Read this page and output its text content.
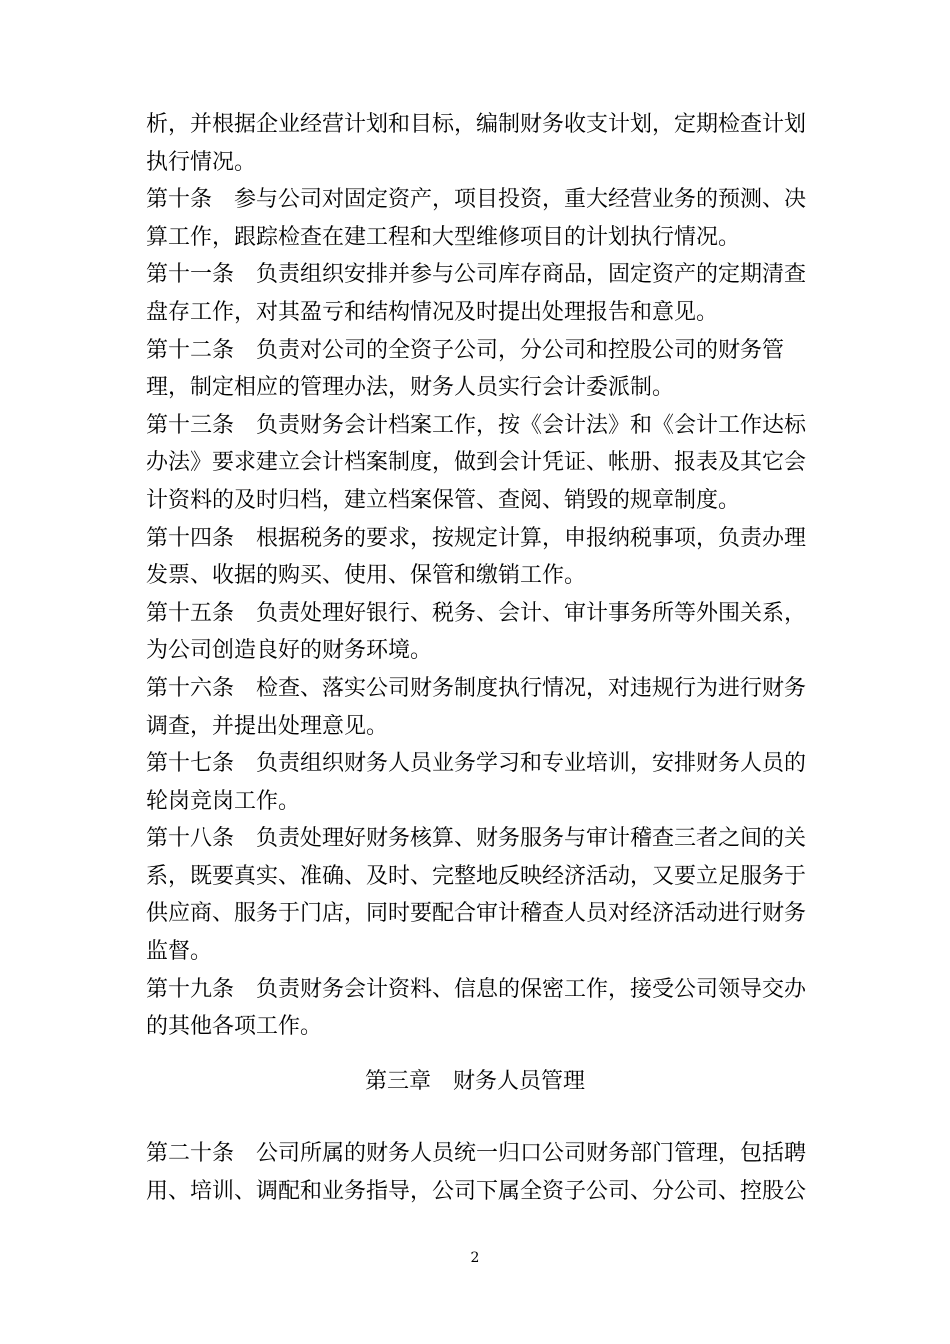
析，并根据企业经营计划和目标，编制财务收支计划，定期检查计划
执行情况。
第十条　参与公司对固定资产，项目投资，重大经营业务的预测、决
算工作，跟踪检查在建工程和大型维修项目的计划执行情况。
第十一条　负责组织安排并参与公司库存商品，固定资产的定期清查
盘存工作，对其盈亏和结构情况及时提出处理报告和意见。
第十二条　负责对公司的全资子公司，分公司和控股公司的财务管
理，制定相应的管理办法，财务人员实行会计委派制。
第十三条　负责财务会计档案工作，按《会计法》和《会计工作达标
办法》要求建立会计档案制度，做到会计凭证、帐册、报表及其它会
计资料的及时归档，建立档案保管、查阅、销毁的规章制度。
第十四条　根据税务的要求，按规定计算，申报纳税事项，负责办理
发票、收据的购买、使用、保管和缴销工作。
第十五条　负责处理好银行、税务、会计、审计事务所等外围关系，
为公司创造良好的财务环境。
第十六条　检查、落实公司财务制度执行情况，对违规行为进行财务
调查，并提出处理意见。
第十七条　负责组织财务人员业务学习和专业培训，安排财务人员的
轮岗竞岗工作。
第十八条　负责处理好财务核算、财务服务与审计稽查三者之间的关
系，既要真实、准确、及时、完整地反映经济活动，又要立足服务于
供应商、服务于门店，同时要配合审计稽查人员对经济活动进行财务
监督。
第十九条　负责财务会计资料、信息的保密工作，接受公司领导交办
的其他各项工作。
第三章　财务人员管理
第二十条　公司所属的财务人员统一归口公司财务部门管理，包括聘
用、培训、调配和业务指导，公司下属全资子公司、分公司、控股公
2
